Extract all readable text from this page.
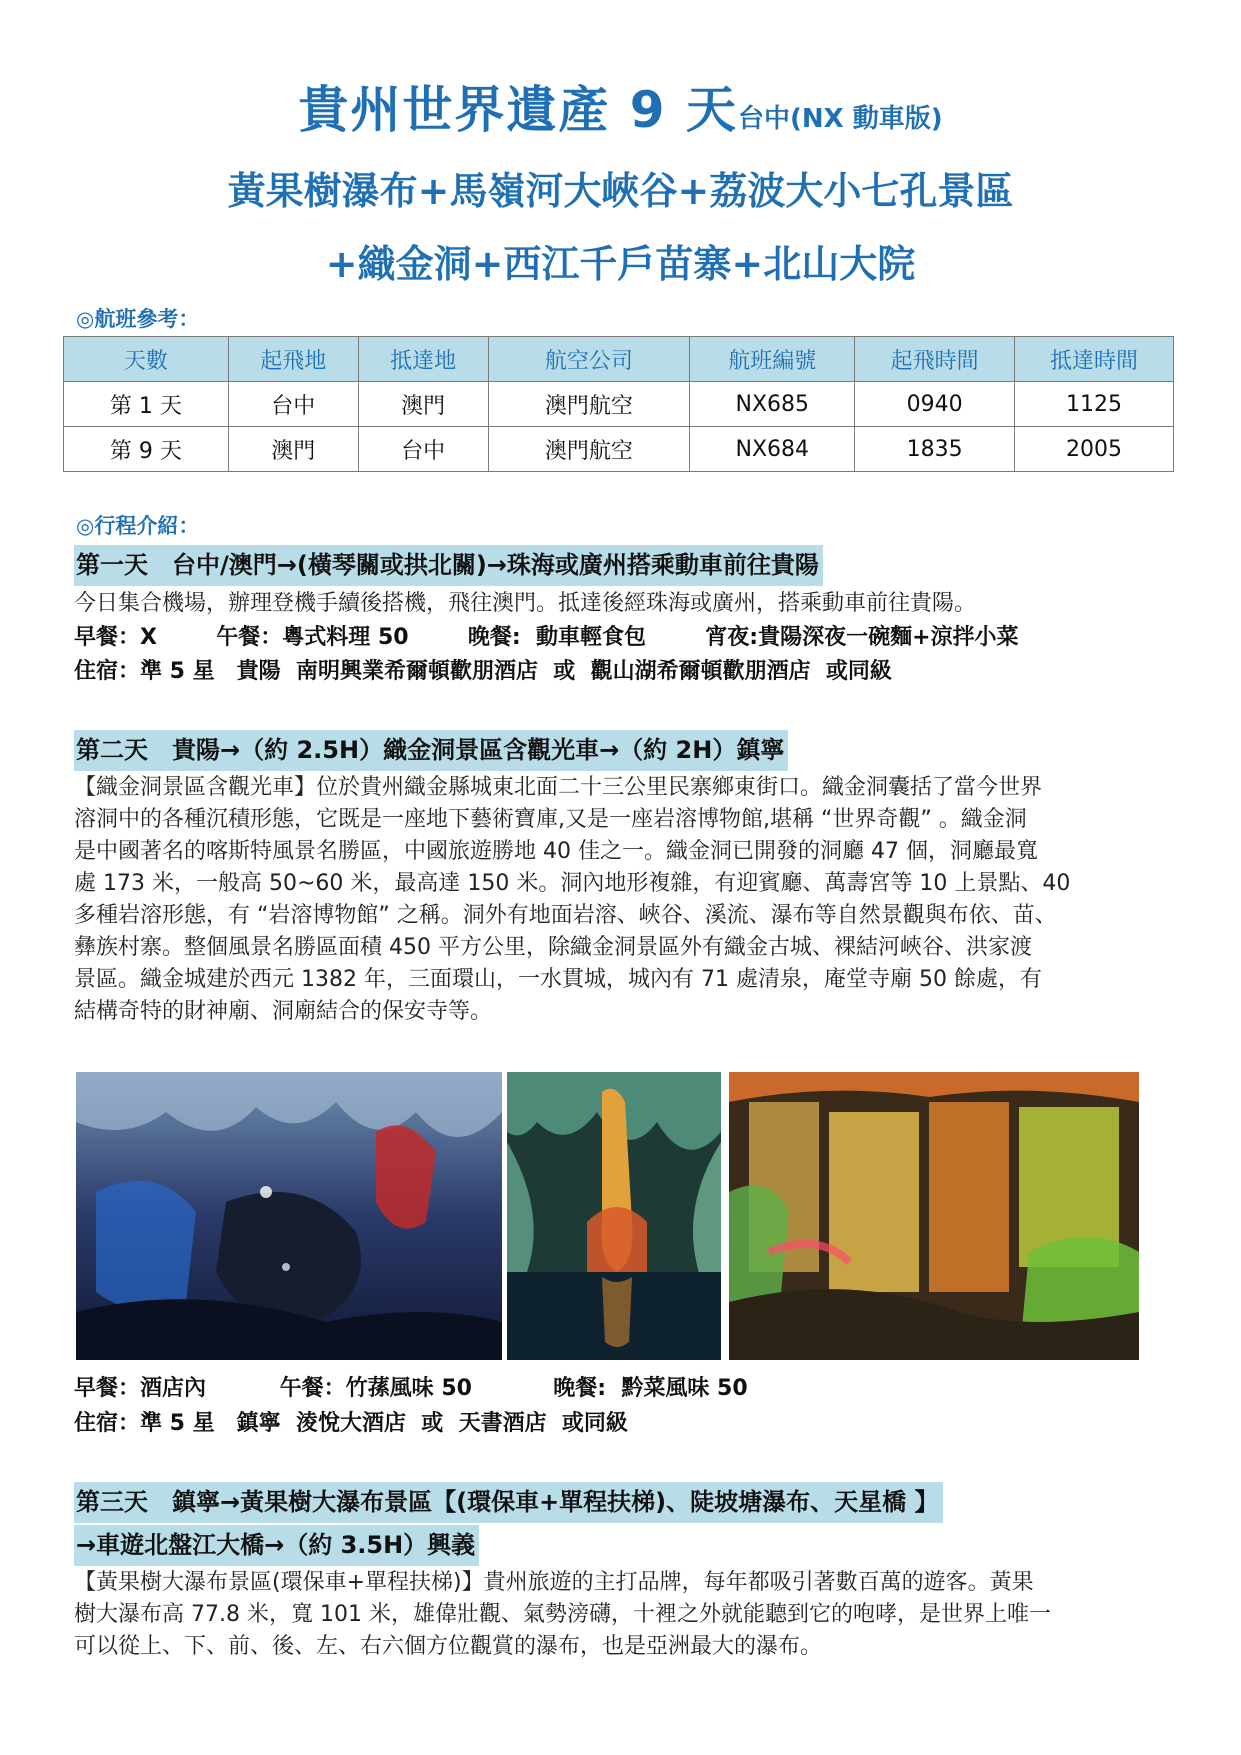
貴州世界遺產 9 天台中(NX 動車版)
黃果樹瀑布+馬嶺河大峽谷+荔波大小七孔景區
+織金洞+西江千戶苗寨+北山大院
◎航班參考：
天數	起飛地	抵達地	航空公司	航班編號	起飛時間	抵達時間
第 1 天	台中	澳門	澳門航空	NX685	0940	1125
第 9 天	澳門	台中	澳門航空	NX684	1835	2005
◎行程介紹：
第一天　台中/澳門→(橫琴關或拱北關)→珠海或廣州搭乘動車前往貴陽
今日集合機場，辦理登機手續後搭機，飛往澳門。抵達後經珠海或廣州，搭乘動車前往貴陽。
早餐：X　　  午餐：粵式料理 50　　  晚餐:  動車輕食包　　  宵夜:貴陽深夜一碗麵+涼拌小菜
住宿：準 5 星　貴陽  南明興業希爾頓歡朋酒店  或  觀山湖希爾頓歡朋酒店  或同級
第二天　貴陽→（約 2.5H）織金洞景區含觀光車→（約 2H）鎮寧
【織金洞景區含觀光車】位於貴州織金縣城東北面二十三公里民寨鄉東街口。織金洞囊括了當今世界
溶洞中的各種沉積形態，它既是一座地下藝術寶庫,又是一座岩溶博物館,堪稱 “世界奇觀” 。織金洞
是中國著名的喀斯特風景名勝區，中國旅遊勝地 40 佳之一。織金洞已開發的洞廳 47 個，洞廳最寬
處 173 米，一般高 50~60 米，最高達 150 米。洞內地形複雜，有迎賓廳、萬壽宮等 10 上景點、40
多種岩溶形態，有 “岩溶博物館” 之稱。洞外有地面岩溶、峽谷、溪流、瀑布等自然景觀與布依、苗、
彝族村寨。整個風景名勝區面積 450 平方公里，除織金洞景區外有織金古城、裸結河峽谷、洪家渡
景區。織金城建於西元 1382 年，三面環山，一水貫城，城內有 71 處清泉，庵堂寺廟 50 餘處，有
結構奇特的財神廟、洞廟結合的保安寺等。
早餐：酒店內　　　 午餐：竹蓀風味 50　　　  晚餐:  黔菜風味 50
住宿：準 5 星　鎮寧  淩悅大酒店  或  天書酒店  或同級
第三天　鎮寧→黃果樹大瀑布景區【(環保車+單程扶梯)、陡坡塘瀑布、天星橋 】
→車遊北盤江大橋→（約 3.5H）興義
【黃果樹大瀑布景區(環保車+單程扶梯)】貴州旅遊的主打品牌，每年都吸引著數百萬的遊客。黃果
樹大瀑布高 77.8 米，寬 101 米，雄偉壯觀、氣勢滂礴，十裡之外就能聽到它的咆哮，是世界上唯一
可以從上、下、前、後、左、右六個方位觀賞的瀑布，也是亞洲最大的瀑布。
